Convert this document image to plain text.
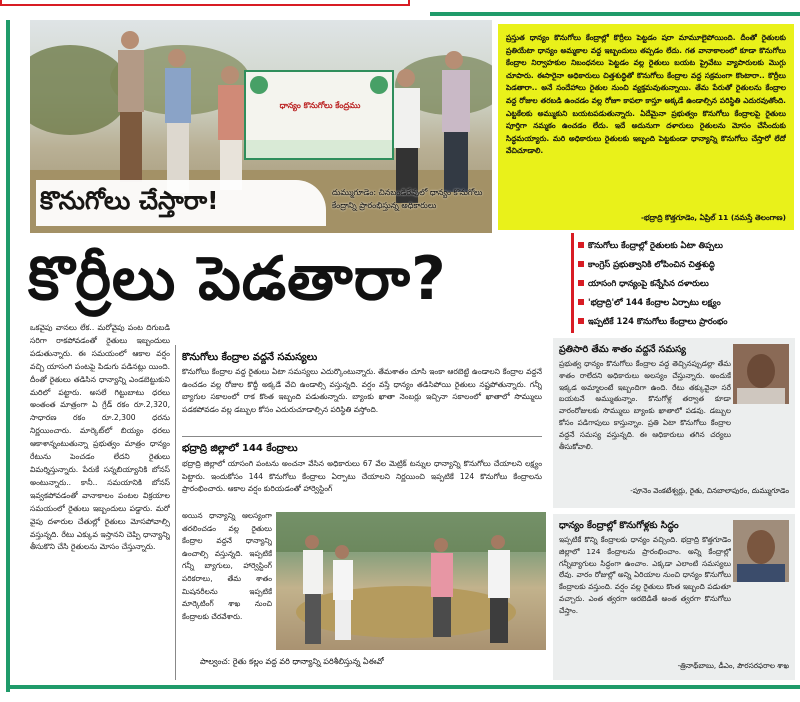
ధాన్యం కొనుగోలు కేంద్రము
కొనుగోలు చేస్తారా!	దుమ్ముగూడెం: చినబండిరేవులో ధాన్యం కొనుగోలు కేంద్రాన్ని ప్రారంభిస్తున్న అధికారులు
ప్రస్తుత ధాన్యం కొనుగోలు కేంద్రాల్లో కొర్రీలు పెట్టడం షరా మామూలైపోయింది. దీంతో రైతులకు ప్రతియేటా ధాన్యం అమ్మకాల వద్ద ఇబ్బందులు తప్పడం లేదు. గత వానాకాలంలో కూడా కొనుగోలు కేంద్రాల నిర్వాహకుల నిబంధనలు పెట్టడం వల్ల రైతులు బయట ప్రైవేటు వ్యాపారులకు మొగ్గు చూపారు. ఈసారైనా అధికారులు చిత్తశుద్ధితో కొనుగోలు కేంద్రాల వద్ద సక్రమంగా కొంటారా.. కొర్రీలు పెడతారా.. అనే సందేహాలు రైతుల నుంచి వ్యక్తమవుతున్నాయి. తేమ పేరుతో రైతులను కేంద్రాల వద్ద రోజుల తరబడి ఉంచడం వల్ల రోజూ కాపలా కాస్తూ అక్కడే ఉండాల్సిన పరిస్థితి ఎదురవుతోంది. ఎట్టకేలకు అమ్ముకుని బయటపడుతున్నారు. ఏదేమైనా ప్రభుత్వం కొనుగోలు కేంద్రాలపై రైతులు పూర్తిగా నమ్మకం ఉంచడం లేదు. ఇదే అదునుగా దళారులు రైతులను మోసం చేసేందుకు సిద్ధమయ్యారు. మరి అధికారులు రైతులకు ఇబ్బంది పెట్టకుండా ధాన్యాన్ని కొనుగోలు చేస్తారో లేదో వేచిచూడాలి.
-భద్రాద్రి కొత్తగూడెం, ఏప్రిల్ 11 (నమస్తే తెలంగాణ)
కొర్రీలు పెడతారా?	కొనుగోలు కేంద్రాల్లో రైతులకు ఏటా తిప్పలు
కాంగ్రెస్ ప్రభుత్వానికి లోపించిన చిత్తశుద్ధి
యాసంగి ధాన్యంపై కన్నేసిన దళారులు
'భద్రాద్రి'లో 144 కేంద్రాల ఏర్పాటు లక్ష్యం
ఇప్పటికే 124 కొనుగోలు కేంద్రాలు ప్రారంభం
ఒకవైపు వానలు లేక.. మరోవైపు పంట దిగుబడి సరిగా రాకపోవడంతో రైతులు ఇబ్బందులు పడుతున్నారు. ఈ సమయంలో ఆకాల వర్షం వచ్చి యాసంగి పంటపై పిడుగు పడినట్లు యింది. దీంతో రైతులు తడిసిన ధాన్యాన్ని ఎండబెట్టుకుని మరిలో పట్టారు. అసలే గిట్టుబాటు ధరలు అంతంత మాత్రంగా ఏ గ్రేడ్ రకం రూ.2,320, సాధారణ రకం రూ.2,300 ధరను నిర్ణయించారు. మార్కెట్‌లో బియ్యం ధరలు ఆకాశాన్నంటుతున్నా ప్రభుత్వం మాత్రం ధాన్యం రేటును పెంచడం లేదని రైతులు విమర్శిస్తున్నారు. పేరుకే సన్నబియ్యానికి బోనస్ అంటున్నారు.. కానీ.. సమయానికి బోనస్ ఇవ్వకపోవడంతో వానాకాలం పంటల విక్రయాల సమయంలో రైతులు ఇబ్బందులు పడ్డారు. మరో వైపు దళారుల చేతుల్లో రైతులు మోసపోవాల్సి వస్తున్నది. రేటు ఎక్కువ ఇస్తానని చెప్పి ధాన్యాన్ని తీసుకొని చేసి రైతులను మోసం చేస్తున్నారు.
కొనుగోలు కేంద్రాల వద్దనే సమస్యలు
కొనుగోలు కేంద్రాల వద్ద రైతులు ఏటా సమస్యలు ఎదుర్కొంటున్నారు. తేమశాతం చూసి ఇంకా ఆరబెట్టి ఉండాలని కేంద్రాల వద్దనే ఉంచడం వల్ల రోజుల కొద్దీ అక్కడే వేచి ఉండాల్సి వస్తున్నది. వర్షం వస్తే ధాన్యం తడిసిపోయి రైతులు నష్టపోతున్నారు. గన్నీ బ్యాగుల సకాలంలో రాక కొంత ఇబ్బంది పడుతున్నారు. బ్యాంకు ఖాతా నెంబర్లు ఇచ్చినా సకాలంలో ఖాతాలో సొమ్ములు పడకపోవడం వల్ల డబ్బుల కోసం ఎదురుచూడాల్సిన పరిస్థితి వస్తోంది.
భద్రాద్రి జిల్లాలో 144 కేంద్రాలు
భద్రాద్రి జిల్లాలో యాసంగి పంటను అంచనా వేసిన అధికారులు 67 వేల మెట్రిక్ టన్నుల ధాన్యాన్ని కొనుగోలు చేయాలని లక్ష్యం పెట్టారు. ఇందుకోసం 144 కొనుగోలు కేంద్రాలు ఏర్పాటు చేయాలని నిర్ణయించి ఇప్పటికే 124 కొనుగోలు కేంద్రాలను ప్రారంభించారు. ఆకాల వర్షం కురియడంతో హార్వెస్టింగ్
అయిన ధాన్యాన్ని ఆలస్యంగా తరలించడం వల్ల రైతులు కేంద్రాల వద్దనే ధాన్యాన్ని ఉంచాల్సి వస్తున్నది. ఇప్పటికే గన్నీ బ్యాగులు, హార్వెస్టింగ్ పరికరాలు, తేమ శాతం మిషనరీలను ఇప్పటికే మార్కెటింగ్ శాఖ నుంచి కేంద్రాలకు చేరవేశారు.
పాల్వంచ: రైతు కల్లం వద్ద వరి ధాన్యాన్ని పరిశీలిస్తున్న ఏఈవో
ప్రతిసారి తేమ శాతం వద్దనే సమస్య
ప్రభుత్వ ధాన్యం కొనుగోలు కేంద్రాల వద్ద తెచ్చినప్పుడల్లా తేమ శాతం రాలేదని అధికారులు అలస్యం చేస్తున్నారు. అందుకే ఇక్కడ అమ్మాలంటే ఇబ్బందిగా ఉంది. రేటు తక్కువైనా సరే బయటనే అమ్ముతున్నాం. కొనుగోళ్ల తర్వాత కూడా వారంరోజులకు సొమ్ములు బ్యాంకు ఖాతాలో పడవు. డబ్బుల కోసం పడిగాపులు కాస్తున్నాం. ప్రతి ఏటా కొనుగోలు కేంద్రాల వద్దనే సమస్య వస్తున్నది. ఈ ఆధికారులు తగిన చర్యలు తీసుకోవాలి.
-పూనెం వెంకటేశ్వర్లు, రైతు, చినబాలాపురం, దుమ్ముగూడెం
ధాన్యం కేంద్రాల్లో కొనుగోళ్లకు సిద్ధం
ఇప్పటికే కొన్ని కేంద్రాలకు ధాన్యం వచ్చింది. భద్రాద్రి కొత్తగూడెం జిల్లాలో 124 కేంద్రాలను ప్రారంభించాం. అన్ని కేంద్రాల్లో గన్నీబ్యాగులు సిద్ధంగా ఉంచాం. ఎక్కడా ఎలాంటి సమస్యలు లేవు. వారం రోజుల్లో అన్ని ఏరియాల నుంచి ధాన్యం కొనుగోలు కేంద్రాలకు వస్తుంది. వర్షం వల్ల రైతులు కొంత ఇబ్బంది పడుతూ వచ్చారు. ఎంత త్వరగా ఆరబెడితే అంత త్వరగా కొనుగోలు చేస్తాం.
-త్రినాథ్‌బాబు, డీఎం, పౌరసరఫరాల శాఖ
